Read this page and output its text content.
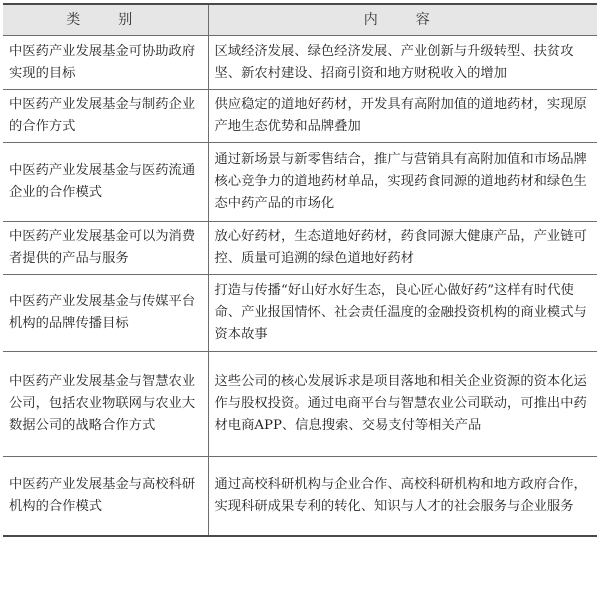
类　别	内　容
中医药产业发展基金可协助政府实现的目标	区域经济发展、绿色经济发展、产业创新与升级转型、扶贫攻坚、新农村建设、招商引资和地方财税收入的增加
中医药产业发展基金与制药企业的合作方式	供应稳定的道地好药材，开发具有高附加值的道地药材，实现原产地生态优势和品牌叠加
中医药产业发展基金与医药流通企业的合作模式	通过新场景与新零售结合，推广与营销具有高附加值和市场品牌核心竞争力的道地药材单品，实现药食同源的道地药材和绿色生态中药产品的市场化
中医药产业发展基金可以为消费者提供的产品与服务	放心好药材，生态道地好药材，药食同源大健康产品，产业链可控、质量可追溯的绿色道地好药材
中医药产业发展基金与传媒平台机构的品牌传播目标	打造与传播“好山好水好生态，良心匠心做好药”这样有时代使命、产业报国情怀、社会责任温度的金融投资机构的商业模式与资本故事
中医药产业发展基金与智慧农业公司，包括农业物联网与农业大数据公司的战略合作方式	这些公司的核心发展诉求是项目落地和相关企业资源的资本化运作与股权投资。通过电商平台与智慧农业公司联动，可推出中药材电商APP、信息搜索、交易支付等相关产品
中医药产业发展基金与高校科研机构的合作模式	通过高校科研机构与企业合作、高校科研机构和地方政府合作，实现科研成果专利的转化、知识与人才的社会服务与企业服务
